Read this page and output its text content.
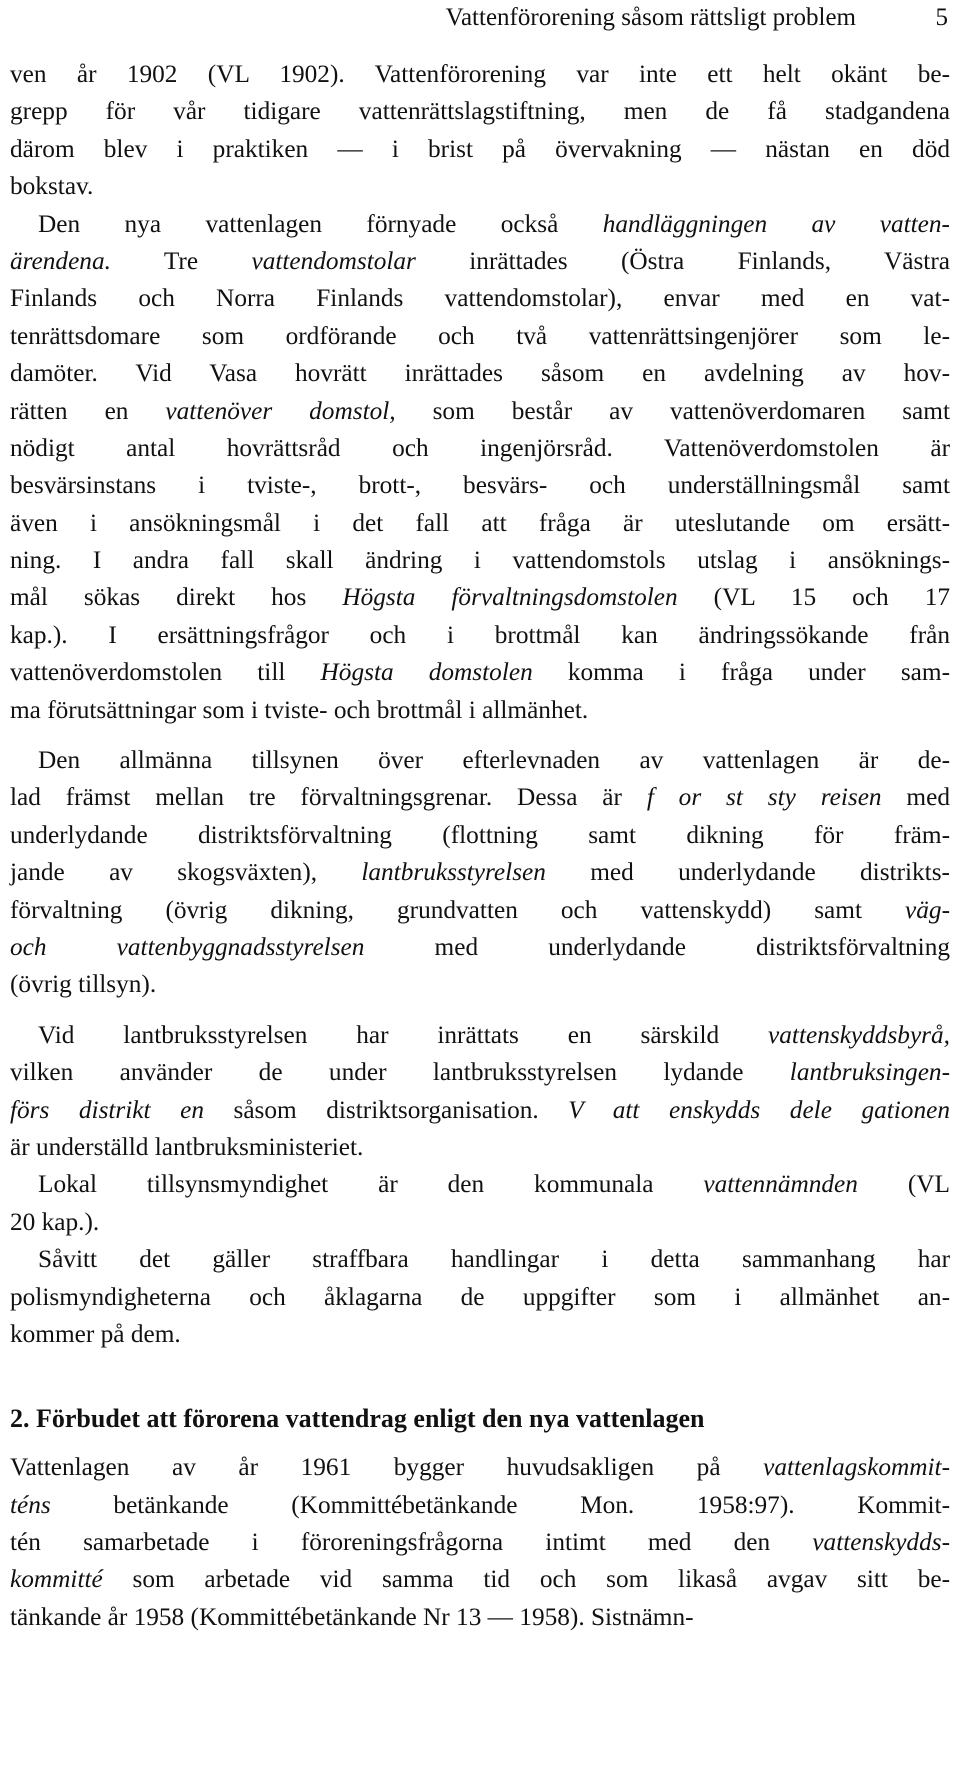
Vattenförorening såsom rättsligt problem	5
ven år 1902 (VL 1902). Vattenförorening var inte ett helt okänt be-
grepp för vår tidigare vattenrättslagstiftning, men de få stadgandena
därom blev i praktiken — i brist på övervakning — nästan en död
bokstav.
Den nya vattenlagen förnyade också handläggningen av vatten-
ärendena. Tre vattendomstolar inrättades (Östra Finlands, Västra
Finlands och Norra Finlands vattendomstolar), envar med en vat-
tenrättsdomare som ordförande och två vattenrättsingenjörer som le-
damöter. Vid Vasa hovrätt inrättades såsom en avdelning av hov-
rätten en vattenöver domstol, som består av vattenöverdomaren samt
nödigt antal hovrättsråd och ingenjörsråd. Vattenöverdomstolen är
besvärsinstans i tviste-, brott-, besvärs- och underställningsmål samt
även i ansökningsmål i det fall att fråga är uteslutande om ersätt-
ning. I andra fall skall ändring i vattendomstols utslag i ansöknings-
mål sökas direkt hos Högsta förvaltningsdomstolen (VL 15 och 17
kap.). I ersättningsfrågor och i brottmål kan ändringssökande från
vattenöverdomstolen till Högsta domstolen komma i fråga under sam-
ma förutsättningar som i tviste- och brottmål i allmänhet.
Den allmänna tillsynen över efterlevnaden av vattenlagen är de-
lad främst mellan tre förvaltningsgrenar. Dessa är f or st sty reisen med
underlydande distriktsförvaltning (flottning samt dikning för främ-
jande av skogsväxten), lantbruksstyrelsen med underlydande distrikts-
förvaltning (övrig dikning, grundvatten och vattenskydd) samt väg-
och vattenbyggnadsstyrelsen med underlydande distriktsförvaltning
(övrig tillsyn).
Vid lantbruksstyrelsen har inrättats en särskild vattenskyddsbyrå,
vilken använder de under lantbruksstyrelsen lydande lantbruksingen-
förs distrikt en såsom distriktsorganisation. V att enskydds dele gationen
är underställd lantbruksministeriet.
Lokal tillsynsmyndighet är den kommunala vattennämnden (VL
20 kap.).
Såvitt det gäller straffbara handlingar i detta sammanhang har
polismyndigheterna och åklagarna de uppgifter som i allmänhet an-
kommer på dem.
2. Förbudet att förorena vattendrag enligt den nya vattenlagen
Vattenlagen av år 1961 bygger huvudsakligen på vattenlagskommit-
téns betänkande (Kommittébetänkande Mon. 1958:97). Kommit-
tén samarbetade i föroreningsfrågorna intimt med den vattenskydds-
kommitté som arbetade vid samma tid och som likaså avgav sitt be-
tänkande år 1958 (Kommittébetänkande Nr 13 — 1958). Sistnämn-
